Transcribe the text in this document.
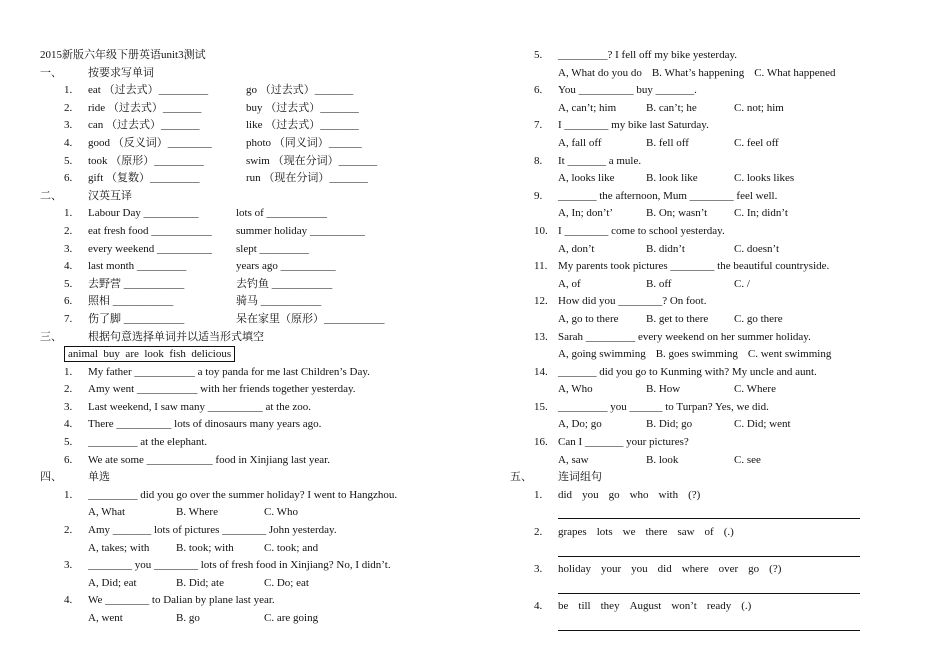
2015新版六年级下册英语unit3测试
一、 按要求写单词
1. eat （过去式）_________	go （过去式）_______
2. ride （过去式）_______	buy （过去式）_______
3. can （过去式）_______	like （过去式）_______
4. good （反义词）________	photo （同义词）______
5. took （原形）_________	swim （现在分词）_______
6. gift （复数）_________	run （现在分词）_______
二、 汉英互译
1. Labour Day __________	lots of ___________
2. eat fresh food ___________ summer holiday __________
3. every weekend __________ slept _________
4. last month _________	years ago __________
5. 去野营 ___________	去钓鱼 ___________
6. 照相 ___________	骑马 ___________
7. 伤了脚 ___________	呆在家里（原形）___________
三、 根据句意选择单词并以适当形式填空
animal  buy  are  look  fish  delicious
1. My father ___________ a toy panda for me last Children’s Day.
2. Amy went ___________ with her friends together yesterday.
3. Last weekend, I saw many __________ at the zoo.
4. There __________ lots of dinosaurs many years ago.
5. _________ at the elephant.
6. We ate some ____________ food in Xinjiang last year.
四、 单选
1. _________ did you go over the summer holiday? I went to Hangzhou.
A, What	B. Where	C. Who
2. Amy _______ lots of pictures ________ John yesterday.
A, takes; with B. took; with	C. took; and
3. ________ you ________ lots of fresh food in Xinjiang? No, I didn’t.
A, Did; eat	B. Did; ate	C. Do; eat
4. We ________ to Dalian by plane last year.
A, went	B. go	C. are going
5. _________? I fell off my bike yesterday.
A, What do you do B. What’s happening C. What happened
6. You __________ buy _______.
A, can’t; him	B. can’t; he	C. not; him
7. I ________ my bike last Saturday.
A, fall off	B. fell off	C. feel off
8. It _______ a mule.
A, looks like	B. look like	C. looks likes
9. _______ the afternoon, Mum ________ feel well.
A, In; don’t’	B. On; wasn’t C. In; didn’t
10. I ________ come to school yesterday.
A, don’t	B. didn’t	C. doesn’t
11. My parents took pictures ________ the beautiful countryside.
A, of	B. off	C. /
12. How did you ________? On foot.
A, go to there	B. get to there C. go there
13. Sarah _________ every weekend on her summer holiday.
A, going swimming B. goes swimming C. went swimming
14. _______ did you go to Kunming with? My uncle and aunt.
A, Who	B. How	C. Where
15. _________ you ______ to Turpan? Yes, we did.
A, Do; go	B. Did; go	C. Did; went
16. Can I _______ your pictures?
A, saw	B. look	C. see
五、 连词组句
1. did you go who with (?)
2. grapes lots we there saw of (.)
3. holiday your you did where over go (?)
4. be till they August won’t ready (.)
